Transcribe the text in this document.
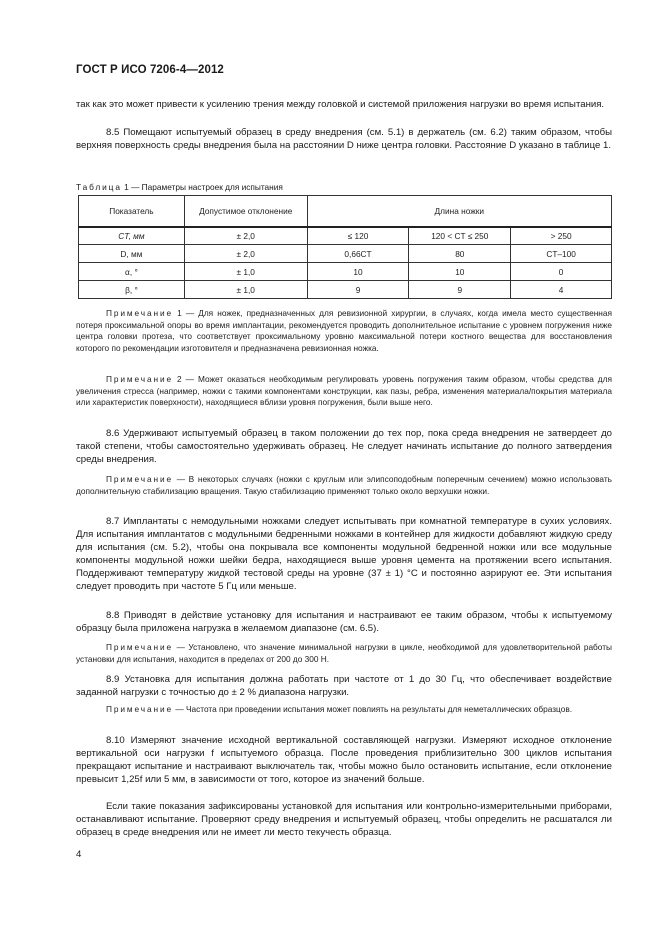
ГОСТ Р ИСО 7206-4—2012

так как это может привести к усилению трения между головкой и системой приложения нагрузки во время испытания.

8.5 Помещают испытуемый образец в среду внедрения (см. 5.1) в держатель (см. 6.2) таким образом, чтобы верхняя поверхность среды внедрения была на расстоянии D ниже центра головки. Расстояние D указано в таблице 1.

Таблица 1 — Параметры настроек для испытания
Показатель	Допустимое отклонение	Длина ножки		
CT, мм	± 2,0	≤ 120	120 < CT ≤ 250	> 250
D, мм	± 2,0	0,66CT	80	CT–100
α, °	± 1,0	10	10	0
β, °	± 1,0	9	9	4

Примечание 1 — Для ножек, предназначенных для ревизионной хирургии, в случаях, когда имела место существенная потеря проксимальной опоры во время имплантации, рекомендуется проводить дополнительное испытание с уровнем погружения ниже центра головки протеза, что соответствует проксимальному уровню максимальной потери костного вещества для восстановления которого по рекомендации изготовителя и предназначена ревизионная ножка.

Примечание 2 — Может оказаться необходимым регулировать уровень погружения таким образом, чтобы средства для увеличения стресса (например, ножки с такими компонентами конструкции, как пазы, ребра, изменения материала/покрытия материала или характеристик поверхности), находящиеся вблизи уровня погружения, были выше него.

8.6 Удерживают испытуемый образец в таком положении до тех пор, пока среда внедрения не затвердеет до такой степени, чтобы самостоятельно удерживать образец. Не следует начинать испытание до полного затвердения среды внедрения.

Примечание — В некоторых случаях (ножки с круглым или элипсоподобным поперечным сечением) можно использовать дополнительную стабилизацию вращения. Такую стабилизацию применяют только около верхушки ножки.

8.7 Имплантаты с немодульными ножками следует испытывать при комнатной температуре в сухих условиях. Для испытания имплантатов с модульными бедренными ножками в контейнер для жидкости добавляют жидкую среду для испытания (см. 5.2), чтобы она покрывала все компоненты модульной бедренной ножки или все модульные компоненты модульной ножки шейки бедра, находящиеся выше уровня цемента на протяжении всего испытания. Поддерживают температуру жидкой тестовой среды на уровне (37 ± 1) °C и постоянно аэрируют ее. Эти испытания следует проводить при частоте 5 Гц или меньше.

8.8 Приводят в действие установку для испытания и настраивают ее таким образом, чтобы к испытуемому образцу была приложена нагрузка в желаемом диапазоне (см. 6.5).

Примечание — Установлено, что значение минимальной нагрузки в цикле, необходимой для удовлетворительной работы установки для испытания, находится в пределах от 200 до 300 Н.

8.9 Установка для испытания должна работать при частоте от 1 до 30 Гц, что обеспечивает воздействие заданной нагрузки с точностью до ± 2 % диапазона нагрузки.

Примечание — Частота при проведении испытания может повлиять на результаты для неметаллических образцов.

8.10 Измеряют значение исходной вертикальной составляющей нагрузки. Измеряют исходное отклонение вертикальной оси нагрузки f испытуемого образца. После проведения приблизительно 300 циклов испытания прекращают испытание и настраивают выключатель так, чтобы можно было остановить испытание, если отклонение превысит 1,25f или 5 мм, в зависимости от того, которое из значений больше.

Если такие показания зафиксированы установкой для испытания или контрольно-измерительными приборами, останавливают испытание. Проверяют среду внедрения и испытуемый образец, чтобы определить не расшатался ли образец в среде внедрения или не имеет ли место текучесть образца.

4
